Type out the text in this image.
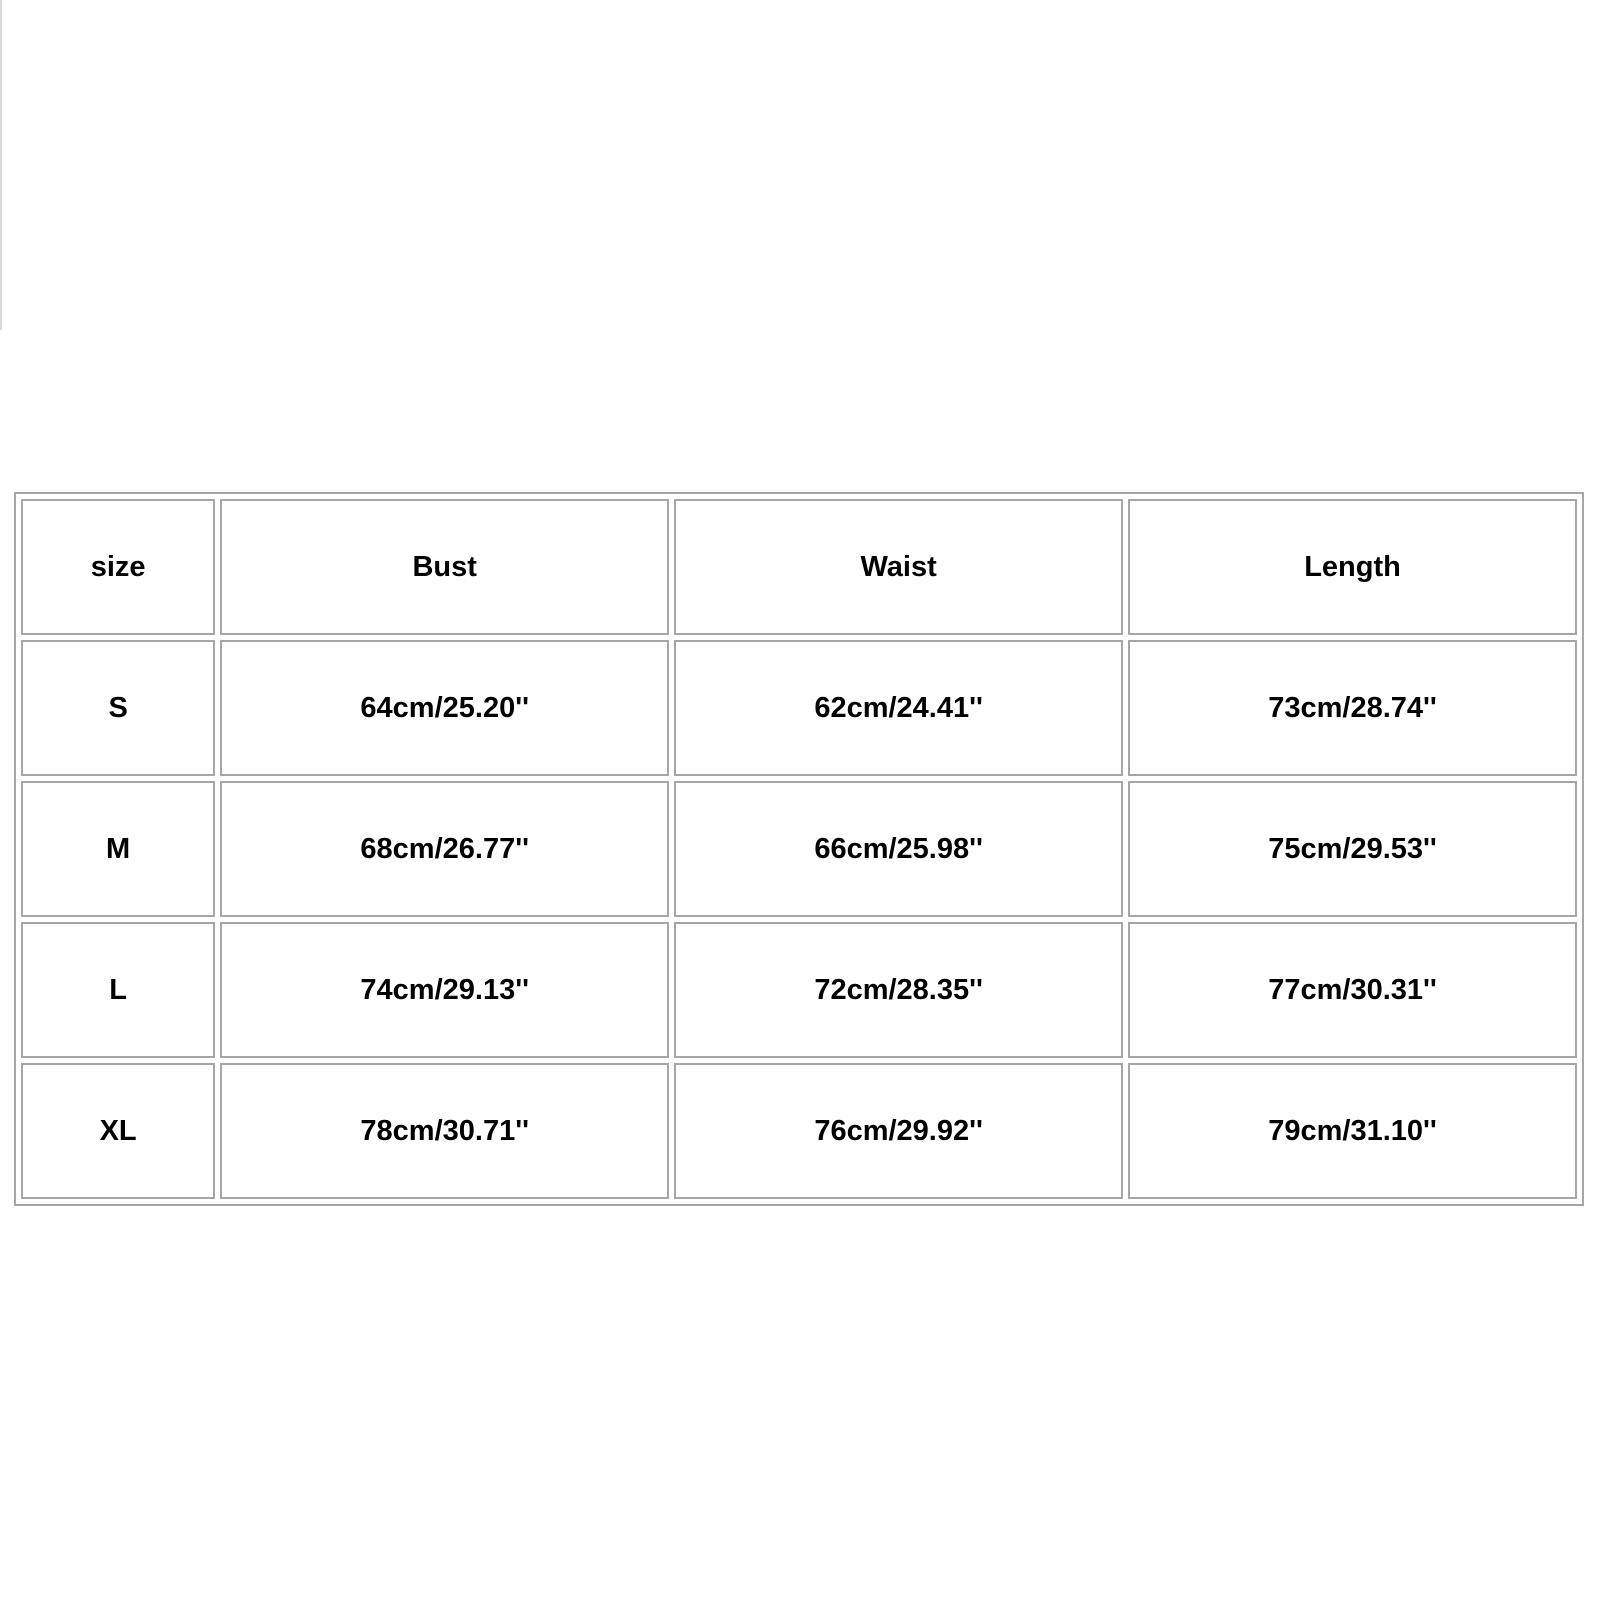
size	Bust	Waist	Length
S	64cm/25.20''	62cm/24.41''	73cm/28.74''
M	68cm/26.77''	66cm/25.98''	75cm/29.53''
L	74cm/29.13''	72cm/28.35''	77cm/30.31''
XL	78cm/30.71''	76cm/29.92''	79cm/31.10''
